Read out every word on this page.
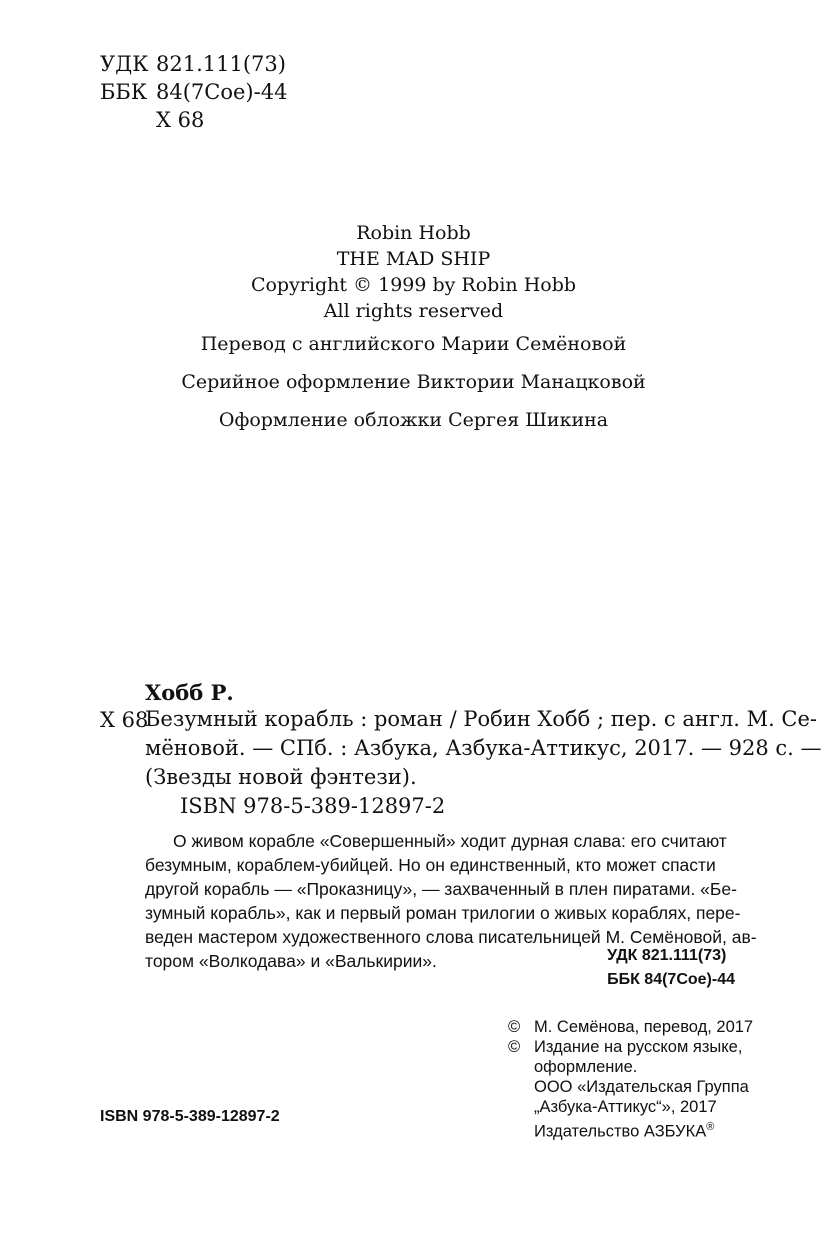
УДК 821.111(73)
ББК 84(7Сое)-44
Х 68
Robin Hobb
THE MAD SHIP
Copyright © 1999 by Robin Hobb
All rights reserved
Перевод с английского Марии Семёновой
Серийное оформление Виктории Манацковой
Оформление обложки Сергея Шикина
Хобб Р.
Х 68
Безумный корабль : роман / Робин Хобб ; пер. с англ. М. Се-
мёновой. — СПб. : Азбука, Азбука-Аттикус, 2017. — 928 с. —
(Звезды новой фэнтези).
ISBN 978-5-389-12897-2
О живом корабле «Совершенный» ходит дурная слава: его считают
безумным, кораблем-убийцей. Но он единственный, кто может спасти
другой корабль — «Проказницу», — захваченный в плен пиратами. «Бе-
зумный корабль», как и первый роман трилогии о живых кораблях, пере-
веден мастером художественного слова писательницей М. Семёновой, ав-
тором «Волкодава» и «Валькирии».	УДК 821.111(73)
ББК 84(7Сое)-44
© М. Семёнова, перевод, 2017
© Издание на русском языке,
оформление.
ООО «Издательская Группа
„Азбука-Аттикус“», 2017
Издательство АЗБУКА®
ISBN 978-5-389-12897-2
